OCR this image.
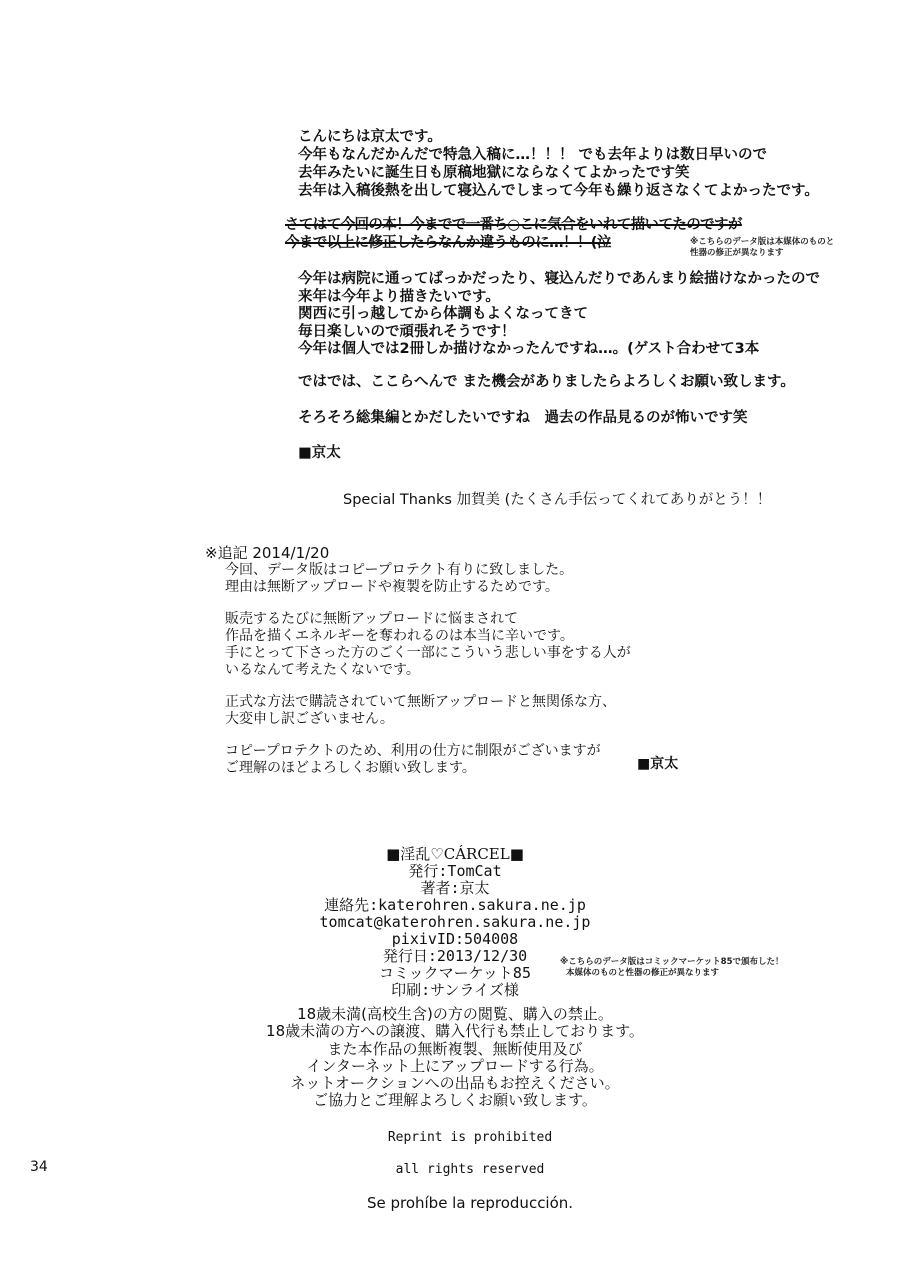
こんにちは京太です。
今年もなんだかんだで特急入稿に…！！！ でも去年よりは数日早いので
去年みたいに誕生日も原稿地獄にならなくてよかったです笑
去年は入稿後熱を出して寝込んでしまって今年も繰り返さなくてよかったです。
さてはて今回の本！今までで一番ち○こに気合をいれて描いてたのですが
今まで以上に修正したらなんか違うものに…！！(泣	※こちらのデータ版は本媒体のものと
性器の修正が異なります
今年は病院に通ってばっかだったり、寝込んだりであんまり絵描けなかったので
来年は今年より描きたいです。
関西に引っ越してから体調もよくなってきて
毎日楽しいので頑張れそうです！
今年は個人では2冊しか描けなかったんですね…。(ゲスト合わせて3本
ではでは、ここらへんで また機会がありましたらよろしくお願い致します。
そろそろ総集編とかだしたいですね　過去の作品見るのが怖いです笑
■京太
Special Thanks 加賀美 (たくさん手伝ってくれてありがとう！！
※追記 2014/1/20
今回、データ版はコピープロテクト有りに致しました。
理由は無断アップロードや複製を防止するためです。
販売するたびに無断アップロードに悩まされて
作品を描くエネルギーを奪われるのは本当に辛いです。
手にとって下さった方のごく一部にこういう悲しい事をする人が
いるなんて考えたくないです。
正式な方法で購読されていて無断アップロードと無関係な方、
大変申し訳ございません。
コピープロテクトのため、利用の仕方に制限がございますが
ご理解のほどよろしくお願い致します。	■京太
■淫乱♡CÁRCEL■
発行:TomCat
著者:京太
連絡先:katerohren.sakura.ne.jp
tomcat@katerohren.sakura.ne.jp
pixivID:504008
発行日:2013/12/30
コミックマーケット85
印刷:サンライズ様
※こちらのデータ版はコミックマーケット85で頒布した！
本媒体のものと性器の修正が異なります
18歳未満(高校生含)の方の閲覧、購入の禁止。
18歳未満の方への譲渡、購入代行も禁止しております。
また本作品の無断複製、無断使用及び
インターネット上にアップロードする行為。
ネットオークションへの出品もお控えください。
ご協力とご理解よろしくお願い致します。
Reprint is prohibited
all rights reserved
Se prohíbe la reproducción.
34
